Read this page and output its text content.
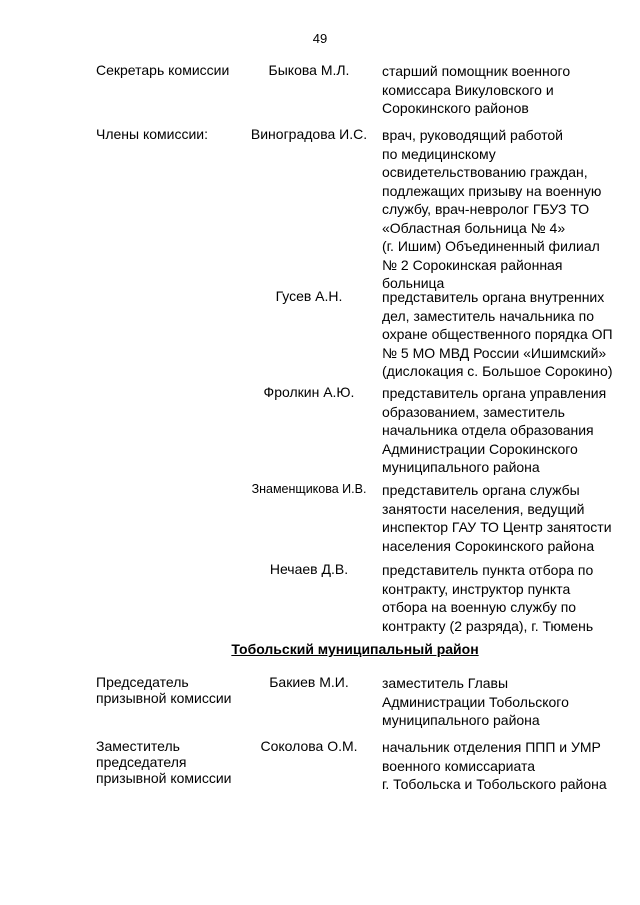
49
Секретарь комиссии	Быкова М.Л.	старший помощник военного
комиссара Викуловского и
Сорокинского районов
Члены комиссии:	Виноградова И.С.	врач, руководящий работой
по медицинскому
освидетельствованию граждан,
подлежащих призыву на военную
службу, врач-невролог ГБУЗ ТО
«Областная больница № 4»
(г. Ишим) Объединенный филиал
№ 2 Сорокинская районная
больница
Гусев А.Н.	представитель органа внутренних
дел, заместитель начальника по
охране общественного порядка ОП
№ 5 МО МВД России «Ишимский»
(дислокация с. Большое Сорокино)
Фролкин А.Ю.	представитель органа управления
образованием, заместитель
начальника отдела образования
Администрации Сорокинского
муниципального района
Знаменщикова И.В.	представитель органа службы
занятости населения, ведущий
инспектор ГАУ ТО Центр занятости
населения Сорокинского района
Нечаев Д.В.	представитель пункта отбора по
контракту, инструктор пункта
отбора на военную службу по
контракту (2 разряда), г. Тюмень
Тобольский муниципальный район
Председатель
призывной комиссии
Бакиев М.И.	заместитель Главы
Администрации Тобольского
муниципального района
Заместитель
председателя
призывной комиссии
Соколова О.М.	начальник отделения ППП и УМР
военного комиссариата
г. Тобольска и Тобольского района
